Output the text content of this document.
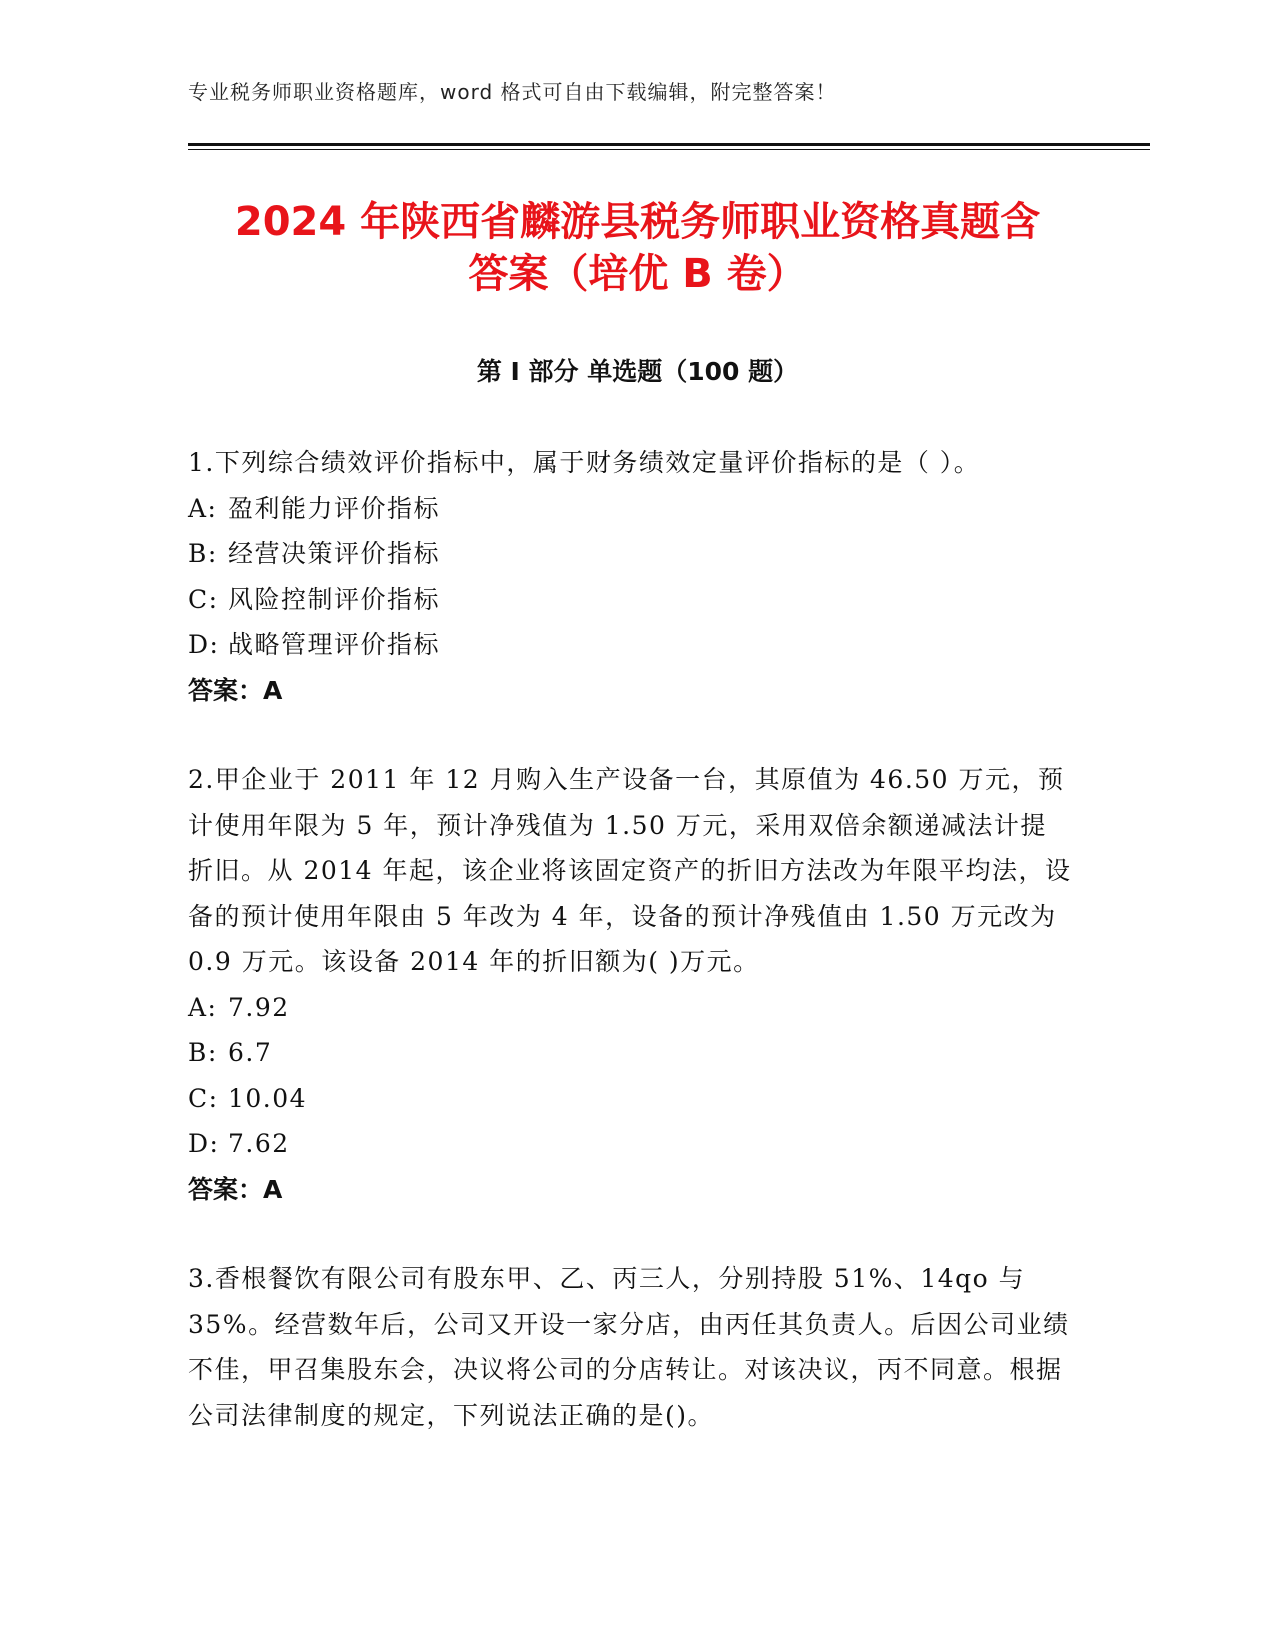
专业税务师职业资格题库，word 格式可自由下载编辑，附完整答案！
2024 年陕西省麟游县税务师职业资格真题含
答案（培优 B 卷）
第 I 部分 单选题（100 题）

1.下列综合绩效评价指标中，属于财务绩效定量评价指标的是（ ）。

A: 盈利能力评价指标
B: 经营决策评价指标
C: 风险控制评价指标
D: 战略管理评价指标
答案：A

2.甲企业于 2011 年 12 月购入生产设备一台，其原值为 46.50 万元，预计使用年限为 5 年，预计净残值为 1.50 万元，采用双倍余额递减法计提折旧。从 2014 年起，该企业将该固定资产的折旧方法改为年限平均法，设备的预计使用年限由 5 年改为 4 年，设备的预计净残值由 1.50 万元改为 0.9 万元。该设备 2014 年的折旧额为( )万元。

A: 7.92
B: 6.7
C: 10.04
D: 7.62
答案：A

3.香根餐饮有限公司有股东甲、乙、丙三人，分别持股 51%、14qo 与 35%。经营数年后，公司又开设一家分店，由丙任其负责人。后因公司业绩不佳，甲召集股东会，决议将公司的分店转让。对该决议，丙不同意。根据公司法律制度的规定，下列说法正确的是()。
